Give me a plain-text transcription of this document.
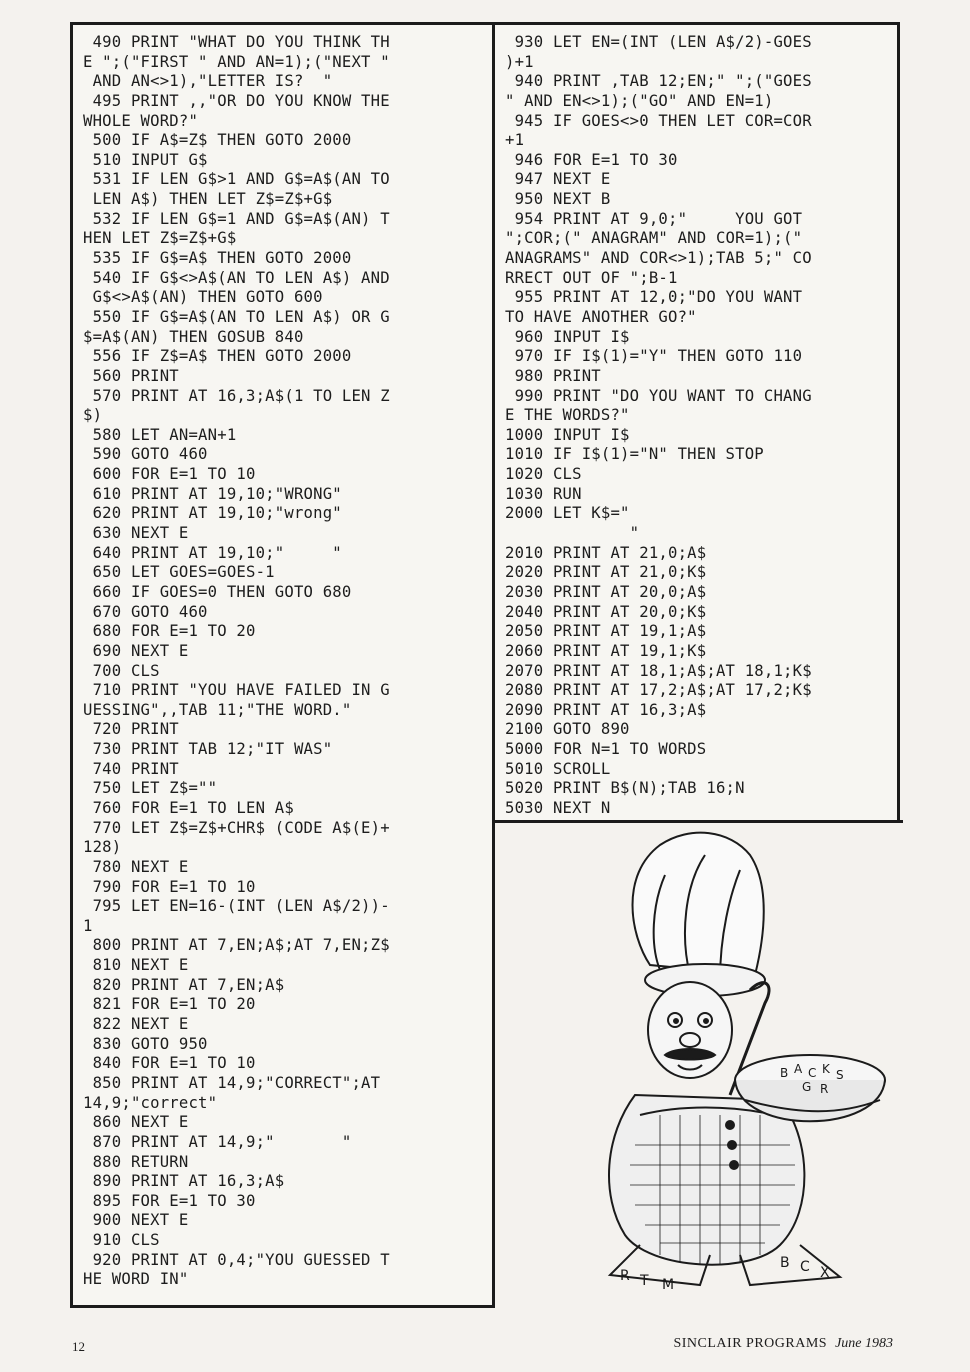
490 PRINT "WHAT DO YOU THINK TH
E ";("FIRST " AND AN=1);("NEXT "
AND AN<>1),"LETTER IS?  "
495 PRINT ,,"OR DO YOU KNOW THE
WHOLE WORD?"
500 IF A$=Z$ THEN GOTO 2000
510 INPUT G$
531 IF LEN G$>1 AND G$=A$(AN TO
LEN A$) THEN LET Z$=Z$+G$
532 IF LEN G$=1 AND G$=A$(AN) T
HEN LET Z$=Z$+G$
535 IF G$=A$ THEN GOTO 2000
540 IF G$<>A$(AN TO LEN A$) AND
G$<>A$(AN) THEN GOTO 600
550 IF G$=A$(AN TO LEN A$) OR G
$=A$(AN) THEN GOSUB 840
556 IF Z$=A$ THEN GOTO 2000
560 PRINT
570 PRINT AT 16,3;A$(1 TO LEN Z
$)
580 LET AN=AN+1
590 GOTO 460
600 FOR E=1 TO 10
610 PRINT AT 19,10;"WRONG"
620 PRINT AT 19,10;"wrong"
630 NEXT E
640 PRINT AT 19,10;"     "
650 LET GOES=GOES-1
660 IF GOES=0 THEN GOTO 680
670 GOTO 460
680 FOR E=1 TO 20
690 NEXT E
700 CLS
710 PRINT "YOU HAVE FAILED IN G
UESSING",,TAB 11;"THE WORD."
720 PRINT
730 PRINT TAB 12;"IT WAS"
740 PRINT
750 LET Z$=""
760 FOR E=1 TO LEN A$
770 LET Z$=Z$+CHR$ (CODE A$(E)+
128)
780 NEXT E
790 FOR E=1 TO 10
795 LET EN=16-(INT (LEN A$/2))-
1
800 PRINT AT 7,EN;A$;AT 7,EN;Z$
810 NEXT E
820 PRINT AT 7,EN;A$
821 FOR E=1 TO 20
822 NEXT E
830 GOTO 950
840 FOR E=1 TO 10
850 PRINT AT 14,9;"CORRECT";AT
14,9;"correct"
860 NEXT E
870 PRINT AT 14,9;"       "
880 RETURN
890 PRINT AT 16,3;A$
895 FOR E=1 TO 30
900 NEXT E
910 CLS
920 PRINT AT 0,4;"YOU GUESSED T
HE WORD IN"
930 LET EN=(INT (LEN A$/2)-GOES
)+1
940 PRINT ,TAB 12;EN;" ";("GOES
" AND EN<>1);("GO" AND EN=1)
945 IF GOES<>0 THEN LET COR=COR
+1
946 FOR E=1 TO 30
947 NEXT E
950 NEXT B
954 PRINT AT 9,0;"     YOU GOT
";COR;(" ANAGRAM" AND COR=1);("
ANAGRAMS" AND COR<>1);TAB 5;" CO
RRECT OUT OF ";B-1
955 PRINT AT 12,0;"DO YOU WANT
TO HAVE ANOTHER GO?"
960 INPUT I$
970 IF I$(1)="Y" THEN GOTO 110
980 PRINT
990 PRINT "DO YOU WANT TO CHANG
E THE WORDS?"
1000 INPUT I$
1010 IF I$(1)="N" THEN STOP
1020 CLS
1030 RUN
2000 LET K$="
"
2010 PRINT AT 21,0;A$
2020 PRINT AT 21,0;K$
2030 PRINT AT 20,0;A$
2040 PRINT AT 20,0;K$
2050 PRINT AT 19,1;A$
2060 PRINT AT 19,1;K$
2070 PRINT AT 18,1;A$;AT 18,1;K$
2080 PRINT AT 17,2;A$;AT 17,2;K$
2090 PRINT AT 16,3;A$
2100 GOTO 890
5000 FOR N=1 TO WORDS
5010 SCROLL
5020 PRINT B$(N);TAB 16;N
5030 NEXT N
B A C K S
G R
R T M
B C X
12	SINCLAIR PROGRAMS June 1983
